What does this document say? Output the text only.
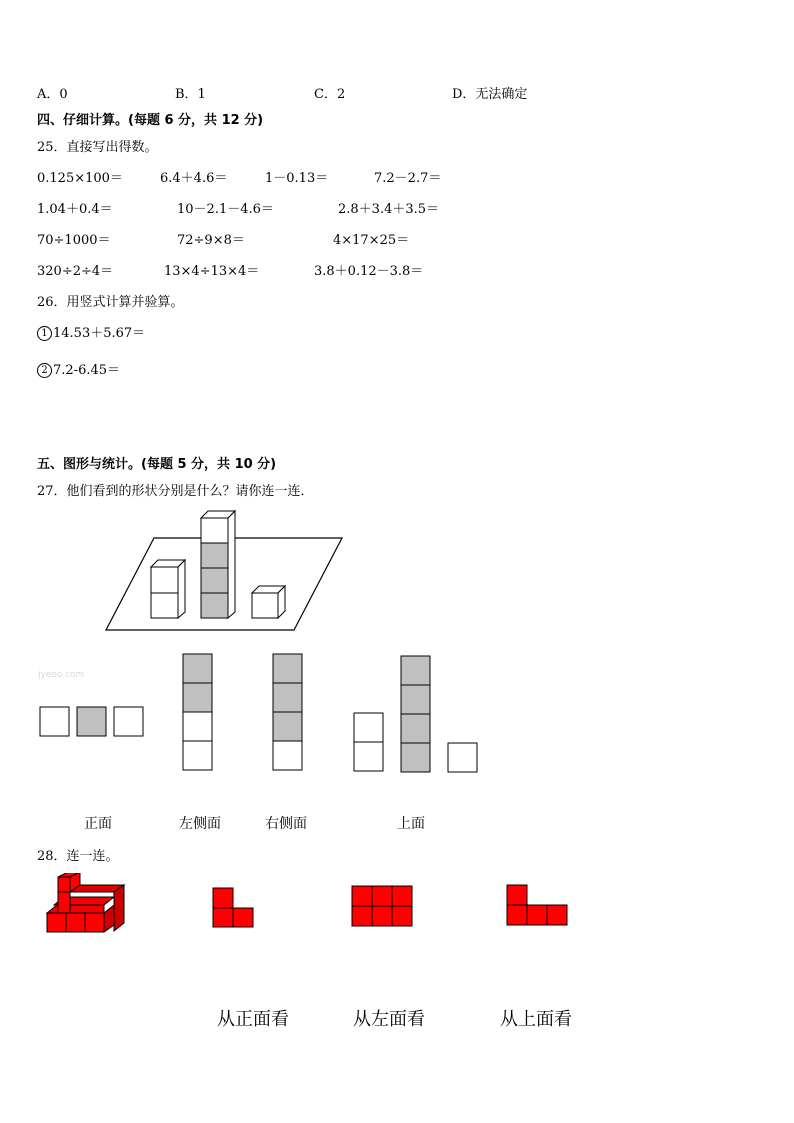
A．0	B．1	C．2	D．无法确定
四、仔细计算。(每题 6 分，共 12 分)
25．直接写出得数。
0.125×100＝	6.4＋4.6＝	1－0.13＝	7.2－2.7＝
1.04＋0.4＝	10－2.1－4.6＝	2.8＋3.4＋3.5＝
70÷1000＝	72÷9×8＝	4×17×25＝
320÷2÷4＝	13×4÷13×4＝	3.8＋0.12－3.8＝
26．用竖式计算并验算。
1 14.53＋5.67＝
2 7.2-6.45＝
五、图形与统计。(每题 5 分，共 10 分)
27．他们看到的形状分别是什么？请你连一连．
jyeoo.com
正面	左侧面	右侧面	上面
28．连一连。
从正面看	从左面看	从上面看
